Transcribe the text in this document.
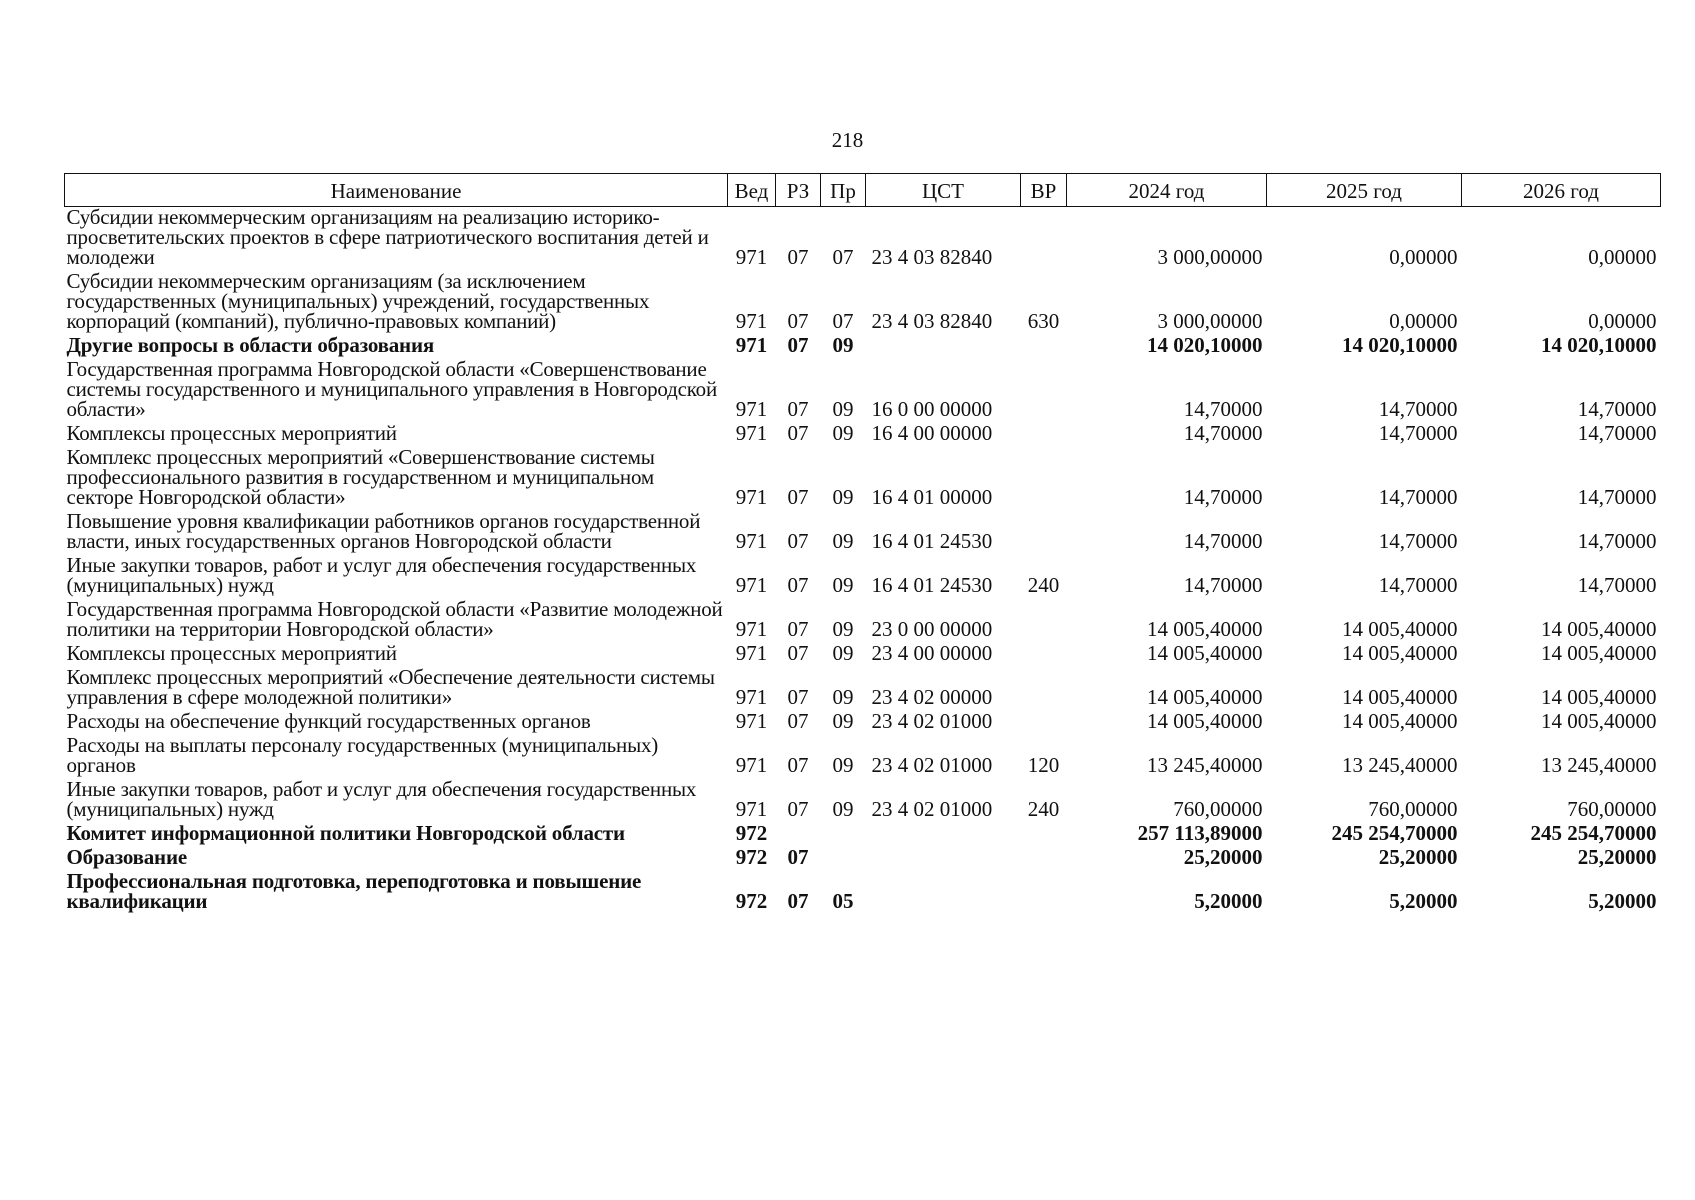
218
Наименование	Вед	РЗ	Пр	ЦСТ	ВР	2024 год	2025 год	2026 год
Субсидии некоммерческим организациям на реализацию историко-просветительских проектов в сфере патриотического воспитания детей и молодежи	971	07	07	23 4 03 82840		3 000,00000	0,00000	0,00000
Субсидии некоммерческим организациям (за исключением государственных (муниципальных) учреждений, государственных корпораций (компаний), публично-правовых компаний)	971	07	07	23 4 03 82840	630	3 000,00000	0,00000	0,00000
Другие вопросы в области образования	971	07	09			14 020,10000	14 020,10000	14 020,10000
Государственная программа Новгородской области «Совершенствование системы государственного и муниципального управления в Новгородской области»	971	07	09	16 0 00 00000		14,70000	14,70000	14,70000
Комплексы процессных мероприятий	971	07	09	16 4 00 00000		14,70000	14,70000	14,70000
Комплекс процессных мероприятий «Совершенствование системы профессионального развития в государственном и муниципальном секторе Новгородской области»	971	07	09	16 4 01 00000		14,70000	14,70000	14,70000
Повышение уровня квалификации работников органов государственной власти, иных государственных органов Новгородской области	971	07	09	16 4 01 24530		14,70000	14,70000	14,70000
Иные закупки товаров, работ и услуг для обеспечения государственных (муниципальных) нужд	971	07	09	16 4 01 24530	240	14,70000	14,70000	14,70000
Государственная программа Новгородской области «Развитие молодежной политики на территории Новгородской области»	971	07	09	23 0 00 00000		14 005,40000	14 005,40000	14 005,40000
Комплексы процессных мероприятий	971	07	09	23 4 00 00000		14 005,40000	14 005,40000	14 005,40000
Комплекс процессных мероприятий «Обеспечение деятельности системы управления в сфере молодежной политики»	971	07	09	23 4 02 00000		14 005,40000	14 005,40000	14 005,40000
Расходы на обеспечение функций государственных органов	971	07	09	23 4 02 01000		14 005,40000	14 005,40000	14 005,40000
Расходы на выплаты персоналу государственных (муниципальных) органов	971	07	09	23 4 02 01000	120	13 245,40000	13 245,40000	13 245,40000
Иные закупки товаров, работ и услуг для обеспечения государственных (муниципальных) нужд	971	07	09	23 4 02 01000	240	760,00000	760,00000	760,00000
Комитет информационной политики Новгородской области	972					257 113,89000	245 254,70000	245 254,70000
Образование	972	07				25,20000	25,20000	25,20000
Профессиональная подготовка, переподготовка и повышение квалификации	972	07	05			5,20000	5,20000	5,20000
